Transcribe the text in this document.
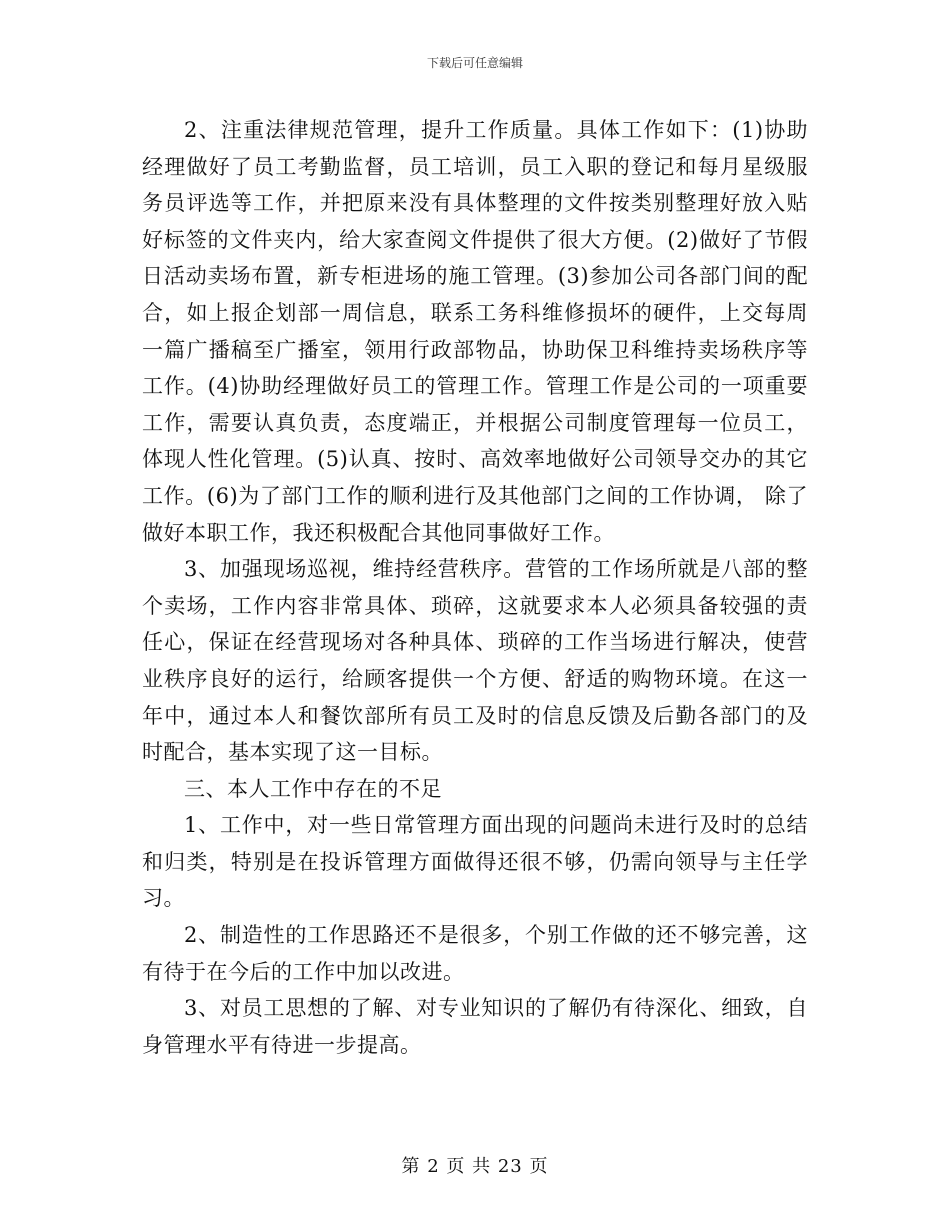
下载后可任意编辑

2、注重法律规范管理，提升工作质量。具体工作如下：(1)协助经理做好了员工考勤监督，员工培训，员工入职的登记和每月星级服务员评选等工作，并把原来没有具体整理的文件按类别整理好放入贴好标签的文件夹内，给大家查阅文件提供了很大方便。(2)做好了节假日活动卖场布置，新专柜进场的施工管理。(3)参加公司各部门间的配合，如上报企划部一周信息，联系工务科维修损坏的硬件，上交每周一篇广播稿至广播室，领用行政部物品，协助保卫科维持卖场秩序等工作。(4)协助经理做好员工的管理工作。管理工作是公司的一项重要工作，需要认真负责，态度端正，并根据公司制度管理每一位员工，体现人性化管理。(5)认真、按时、高效率地做好公司领导交办的其它工作。(6)为了部门工作的顺利进行及其他部门之间的工作协调， 除了做好本职工作，我还积极配合其他同事做好工作。

3、加强现场巡视，维持经营秩序。营管的工作场所就是八部的整个卖场，工作内容非常具体、琐碎，这就要求本人必须具备较强的责任心，保证在经营现场对各种具体、琐碎的工作当场进行解决，使营业秩序良好的运行，给顾客提供一个方便、舒适的购物环境。在这一年中，通过本人和餐饮部所有员工及时的信息反馈及后勤各部门的及时配合，基本实现了这一目标。

三、本人工作中存在的不足

1、工作中，对一些日常管理方面出现的问题尚未进行及时的总结和归类，特别是在投诉管理方面做得还很不够，仍需向领导与主任学习。

2、制造性的工作思路还不是很多，个别工作做的还不够完善，这有待于在今后的工作中加以改进。

3、对员工思想的了解、对专业知识的了解仍有待深化、细致，自身管理水平有待进一步提高。

第 2 页 共 23 页
